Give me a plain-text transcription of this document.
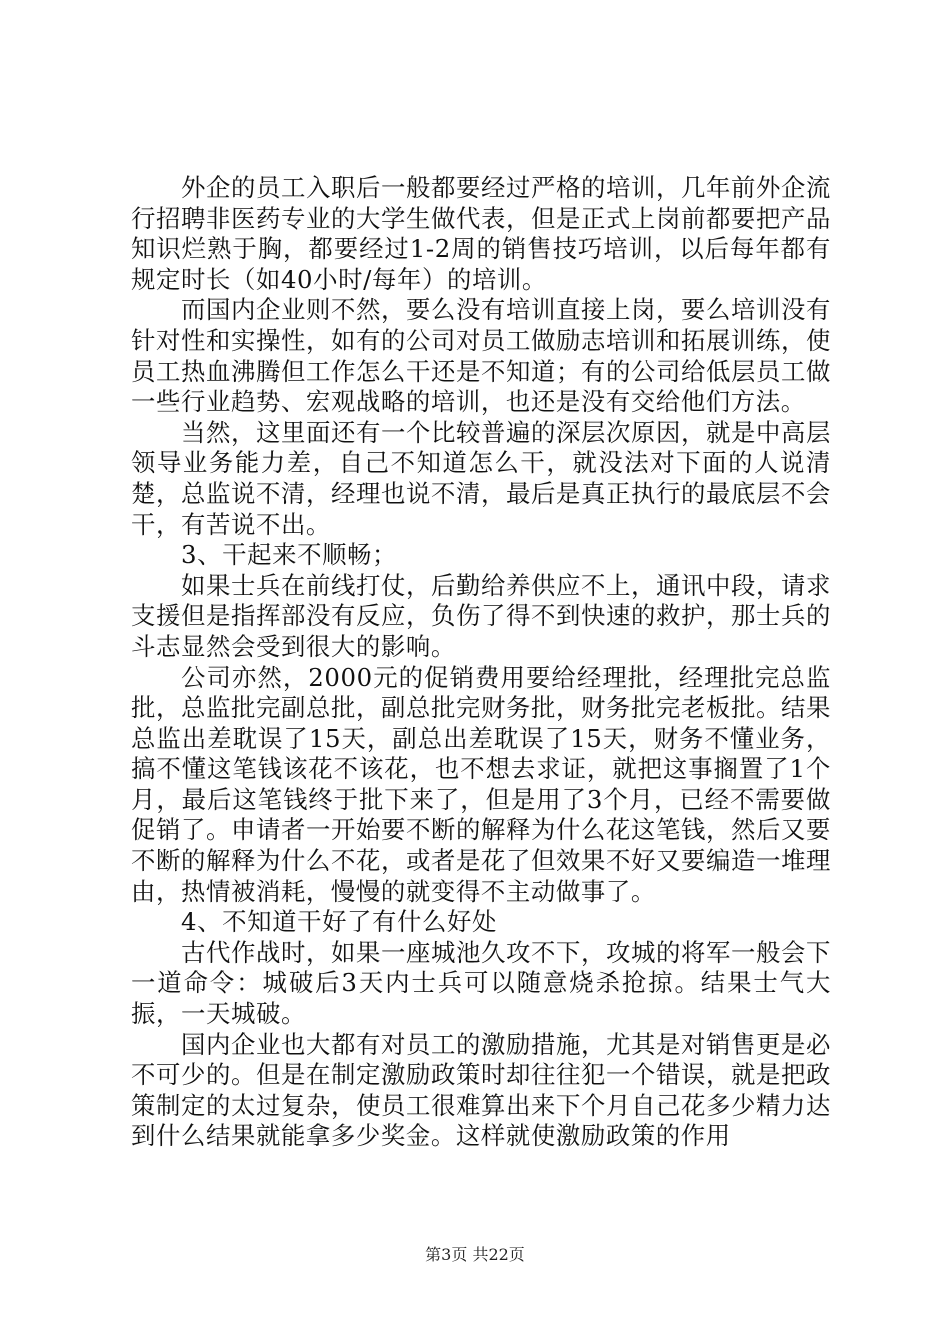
外企的员工入职后一般都要经过严格的培训，几年前外企流行招聘非医药专业的大学生做代表，但是正式上岗前都要把产品知识烂熟于胸，都要经过1-2周的销售技巧培训，以后每年都有规定时长（如40小时/每年）的培训。

而国内企业则不然，要么没有培训直接上岗，要么培训没有针对性和实操性，如有的公司对员工做励志培训和拓展训练，使员工热血沸腾但工作怎么干还是不知道；有的公司给低层员工做一些行业趋势、宏观战略的培训，也还是没有交给他们方法。

当然，这里面还有一个比较普遍的深层次原因，就是中高层领导业务能力差，自己不知道怎么干，就没法对下面的人说清楚，总监说不清，经理也说不清，最后是真正执行的最底层不会干，有苦说不出。

3、干起来不顺畅；

如果士兵在前线打仗，后勤给养供应不上，通讯中段，请求支援但是指挥部没有反应，负伤了得不到快速的救护，那士兵的斗志显然会受到很大的影响。

公司亦然，2000元的促销费用要给经理批，经理批完总监批，总监批完副总批，副总批完财务批，财务批完老板批。结果总监出差耽误了15天，副总出差耽误了15天，财务不懂业务，搞不懂这笔钱该花不该花，也不想去求证，就把这事搁置了1个月，最后这笔钱终于批下来了，但是用了3个月，已经不需要做促销了。申请者一开始要不断的解释为什么花这笔钱，然后又要不断的解释为什么不花，或者是花了但效果不好又要编造一堆理由，热情被消耗，慢慢的就变得不主动做事了。

4、不知道干好了有什么好处

古代作战时，如果一座城池久攻不下，攻城的将军一般会下一道命令：城破后3天内士兵可以随意烧杀抢掠。结果士气大振，一天城破。

国内企业也大都有对员工的激励措施，尤其是对销售更是必不可少的。但是在制定激励政策时却往往犯一个错误，就是把政策制定的太过复杂，使员工很难算出来下个月自己花多少精力达到什么结果就能拿多少奖金。这样就使激励政策的作用

第3页 共22页
